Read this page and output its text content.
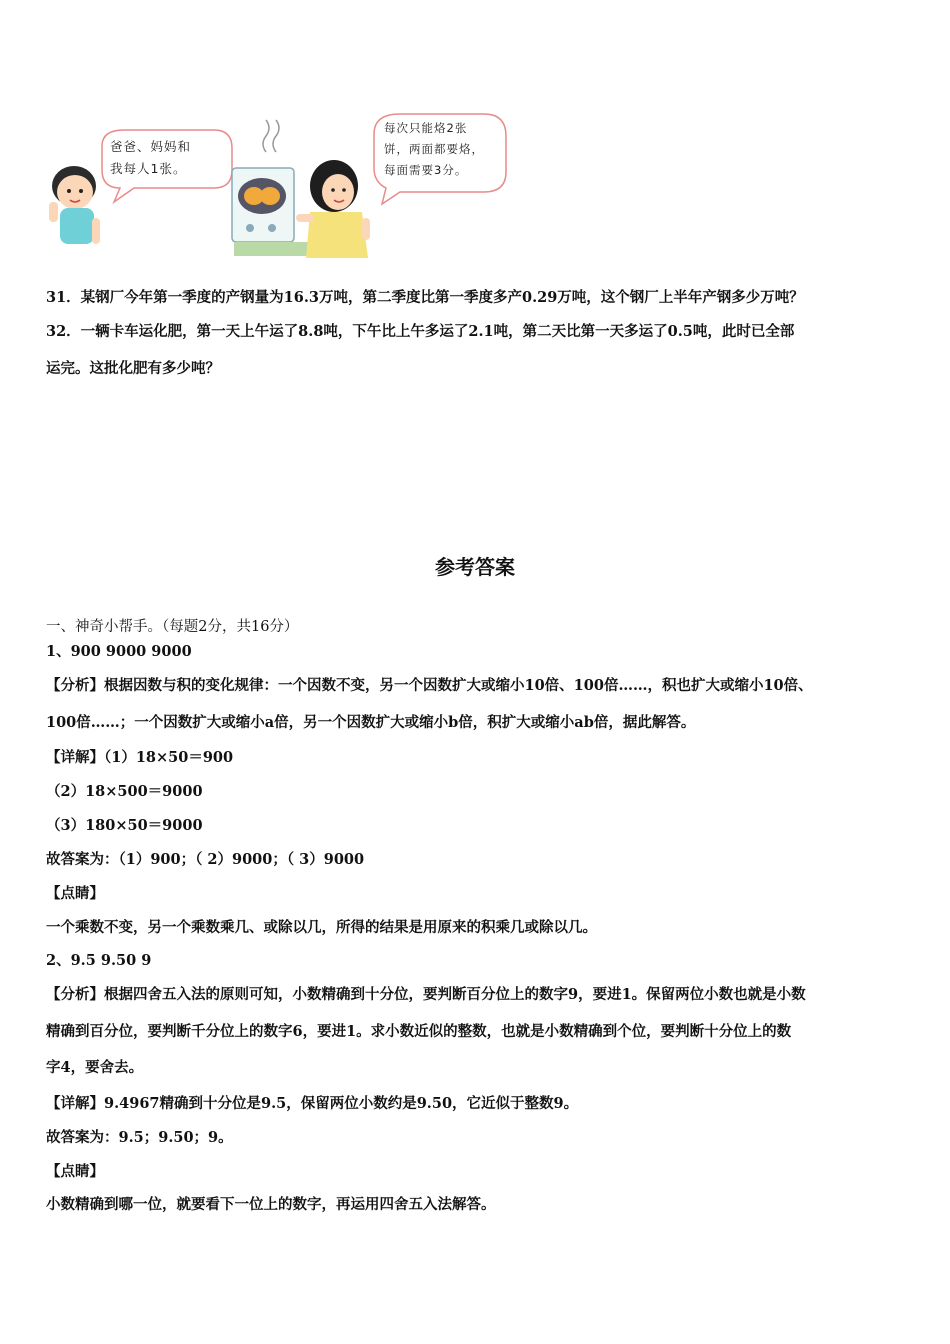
爸爸、妈妈和
我每人1张。
每次只能烙2张
饼，两面都要烙，
每面需要3分。
31．某钢厂今年第一季度的产钢量为16.3万吨，第二季度比第一季度多产0.29万吨，这个钢厂上半年产钢多少万吨？
32．一辆卡车运化肥，第一天上午运了8.8吨，下午比上午多运了2.1吨，第二天比第一天多运了0.5吨，此时已全部
运完。这批化肥有多少吨？
参考答案
一、神奇小帮手。（每题2分，共16分）
1、900 9000 9000
【分析】根据因数与积的变化规律：一个因数不变，另一个因数扩大或缩小10倍、100倍……，积也扩大或缩小10倍、
100倍……；一个因数扩大或缩小a倍，另一个因数扩大或缩小b倍，积扩大或缩小ab倍，据此解答。
【详解】（1）18×50＝900
（2）18×500＝9000
（3）180×50＝9000
故答案为：（1）900；（ 2）9000；（ 3）9000
【点睛】
一个乘数不变，另一个乘数乘几、或除以几，所得的结果是用原来的积乘几或除以几。
2、9.5 9.50 9
【分析】根据四舍五入法的原则可知，小数精确到十分位，要判断百分位上的数字9，要进1。保留两位小数也就是小数
精确到百分位，要判断千分位上的数字6，要进1。求小数近似的整数，也就是小数精确到个位，要判断十分位上的数
字4，要舍去。
【详解】9.4967精确到十分位是9.5，保留两位小数约是9.50，它近似于整数9。
故答案为：9.5；9.50；9。
【点睛】
小数精确到哪一位，就要看下一位上的数字，再运用四舍五入法解答。
